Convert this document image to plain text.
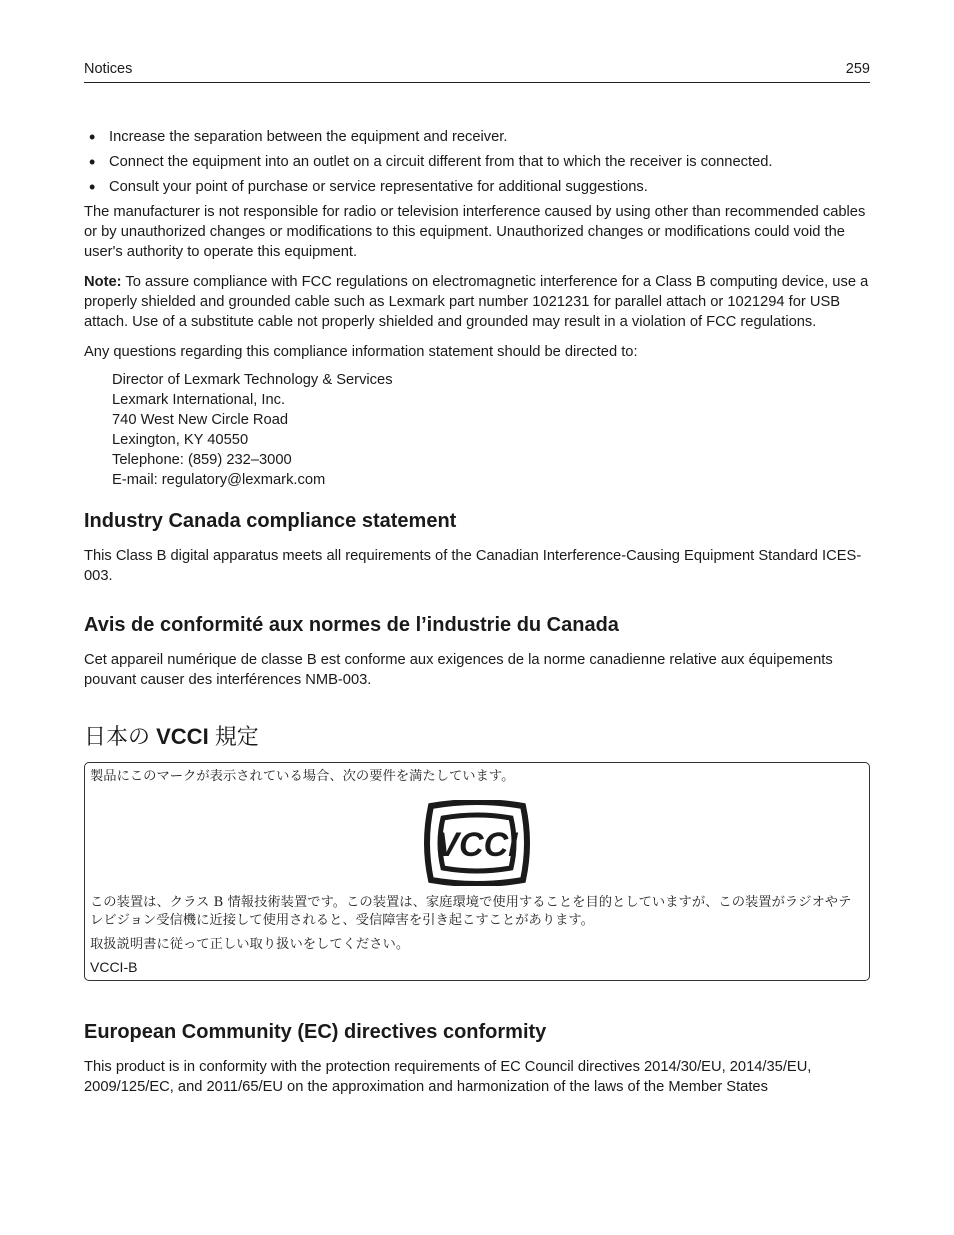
Notices	259
• Increase the separation between the equipment and receiver.
• Connect the equipment into an outlet on a circuit different from that to which the receiver is connected.
• Consult your point of purchase or service representative for additional suggestions.

The manufacturer is not responsible for radio or television interference caused by using other than recommended cables or by unauthorized changes or modifications to this equipment. Unauthorized changes or modifications could void the user's authority to operate this equipment.

Note: To assure compliance with FCC regulations on electromagnetic interference for a Class B computing device, use a properly shielded and grounded cable such as Lexmark part number 1021231 for parallel attach or 1021294 for USB attach. Use of a substitute cable not properly shielded and grounded may result in a violation of FCC regulations.

Any questions regarding this compliance information statement should be directed to:

Director of Lexmark Technology & Services
Lexmark International, Inc.
740 West New Circle Road
Lexington, KY 40550
Telephone: (859) 232–3000
E-mail: regulatory@lexmark.com
Industry Canada compliance statement

This Class B digital apparatus meets all requirements of the Canadian Interference-Causing Equipment Standard ICES-003.

Avis de conformité aux normes de l’industrie du Canada

Cet appareil numérique de classe B est conforme aux exigences de la norme canadienne relative aux équipements pouvant causer des interférences NMB-003.

日本の VCCI 規定
製品にこのマークが表示されている場合、次の要件を満たしています。
VCCI
この装置は、クラス B 情報技術装置です。この装置は、家庭環境で使用することを目的としていますが、この装置がラジオやテレビジョン受信機に近接して使用されると、受信障害を引き起こすことがあります。
取扱説明書に従って正しい取り扱いをしてください。
VCCI-B
European Community (EC) directives conformity

This product is in conformity with the protection requirements of EC Council directives 2014/30/EU, 2014/35/EU, 2009/125/EC, and 2011/65/EU on the approximation and harmonization of the laws of the Member States
